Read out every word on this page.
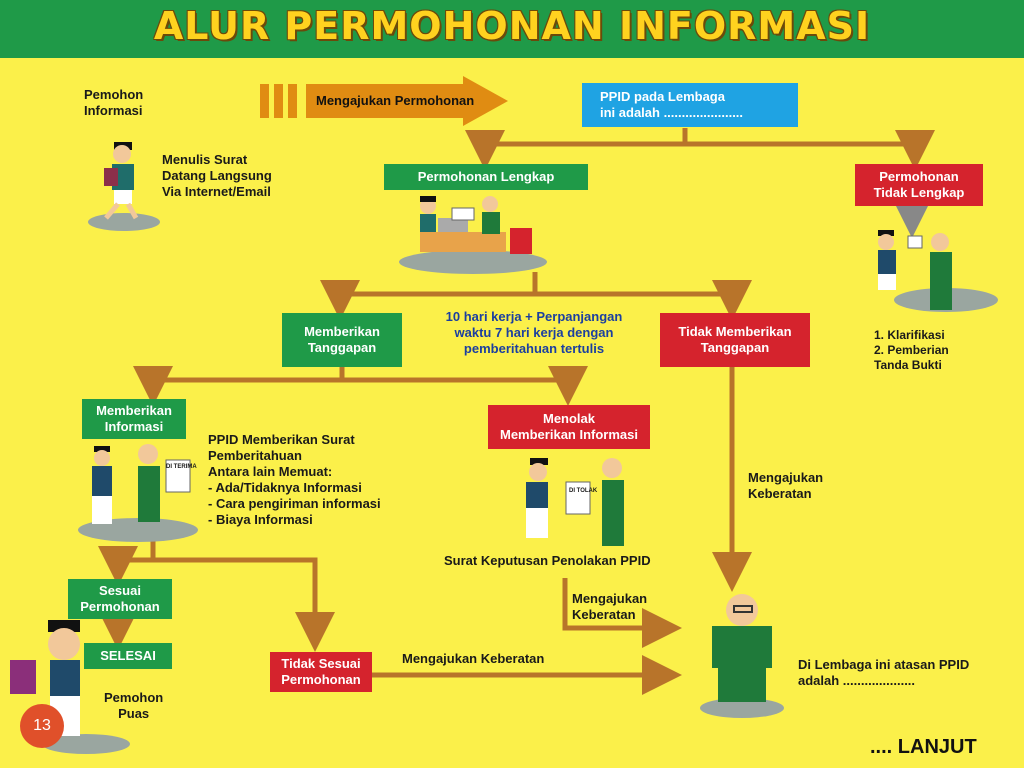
ALUR PERMOHONAN INFORMASI
Mengajukan Permohonan
Pemohon
Informasi
Menulis Surat
Datang Langsung
Via Internet/Email
PPID pada Lembaga
ini adalah ......................
Permohonan Lengkap	Permohonan
Tidak Lengkap
1. Klarifikasi
2. Pemberian
Tanda Bukti
10 hari kerja + Perpanjangan
waktu 7 hari kerja dengan
pemberitahuan tertulis
Memberikan
Tanggapan
Tidak Memberikan
Tanggapan
Memberikan
Informasi
PPID Memberikan Surat
Pemberitahuan
Antara lain Memuat:
- Ada/Tidaknya Informasi
- Cara pengiriman informasi
- Biaya Informasi
Menolak
Memberikan Informasi
Surat Keputusan Penolakan PPID
Mengajukan
Keberatan
Mengajukan
Keberatan
Mengajukan Keberatan
Sesuai
Permohonan
SELESAI
Tidak Sesuai
Permohonan
Pemohon
Puas
Di Lembaga ini atasan PPID
adalah ....................
DI TERIMA
DI TOLAK
13
.... LANJUT
